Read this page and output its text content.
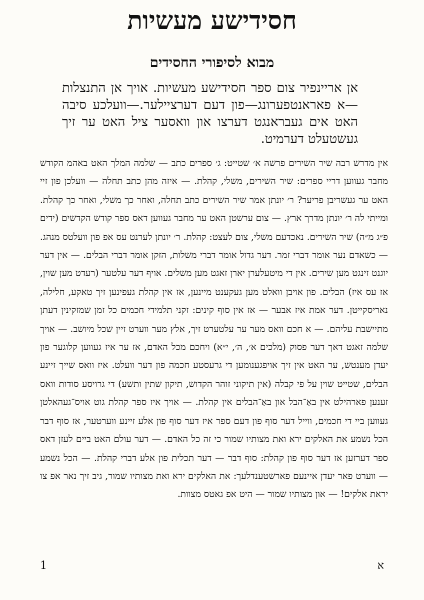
חסידישע מעשיות
מבוא לסיפורי החסידים
אן אריינפיר צום ספר חסידישע מעשיות. אויך אן התנצלות—א פאראנטפערונג—פון דעם דערציילער.—וועלכע סיבה האט אים געבראנגט דערצו און וואסער ציל האט ער זיך געשטעלט דערמיט.
אין מדרש רבה שיר השירים פרשה א׳ שטייט: ג׳ ספרים כתב — שלמה המלך האט באהמ הקודש מחבר געווען דריי ספרים: שיר השירים, משלי, קהלת. — איזה מהן כתב תחלה — וועלכן פון זיי האט ער געשריבן פריער? ר׳ יונתן אמר שיר השירים כתב תחלה, ואחר כך משלי, ואחר כך קהלת. ומייתי לה ר׳ יונתן מדרך ארץ. — צום ערשטן האט ער מחבר געווען דאס ספר קודש הקדשים (ידים פ״ג מ״ה) שיר השירים. נאכדעם משלי, צום לעצט: קהלת. ר׳ יונתן לערנט עס אפ פון וועלטס מנהג. — כשאדם נער אומר דברי זמר. דער גדול אומר דברי משלות, הזקן אומר דברי הבלים. — אין דער יוגנט זינגט מען שירים. אין די מיטעלערן יארן זאגט מען משלים. אויף דער עלטער (רעדט מען שוין, אז עס איז) הבלים. פון אויבן וואלט מען געקענט מיינען, אז אין קהלת געפינען זיך טאקע, חלילה, נאריסקייטן. דער אמת איז אבער — אז אין סוף קינים: זקני תלמידי חכמים כל זמן שמזקינין דעתן מתיישבת עליהם. — א חכם וואס מער ער עלטערט זיך, אלץ מער ווערט זיין שכל מיושב. — אויך שלמה זאגט דאך דער פסוק (מלכים א׳, ה׳, י״א) ויחכם מכל האדם, אז ער איז געווען קלוגער פון יעדן מענטש, ער האט אין זיך אויפגענומען די גרעסטע חכמה פון דער וועלט. איז וואס שייך זיינע הבלים, שטייט שוין על פי קבלה (אין תיקוני זוהר הקדוש, תיקון שתין ותשע) די גרויסע סודות וואס זענען פארהילט אין באַ־הבל און באַ־הבלים אין קהלת. — אויך איז ספר קהלת גוט אויס־געהאלטן געווען ביי די חכמים, ווייל דער סוף פון דעם ספר איז דער סוף פון אלע זיינע ווערטער, אז סוף דבר הכל נשמע את האלקים ירא ואת מצותיו שמור כי זה כל האדם. — דער עולם האט ביים לעזן דאס ספר דערזען אז דער סוף פון קהלת: סוף דבר — דער תכלית פון אלע דברי קהלת. — הכל נשמע — ווערט פאר יעדן איינעם פארשטענדלעך: את האלקים ירא ואת מצותיו שמור, גיב זיך נאר אפ צו יראת אלקים! — און מצותיו שמור — היט אפ גאטס מצוות.
1	א
